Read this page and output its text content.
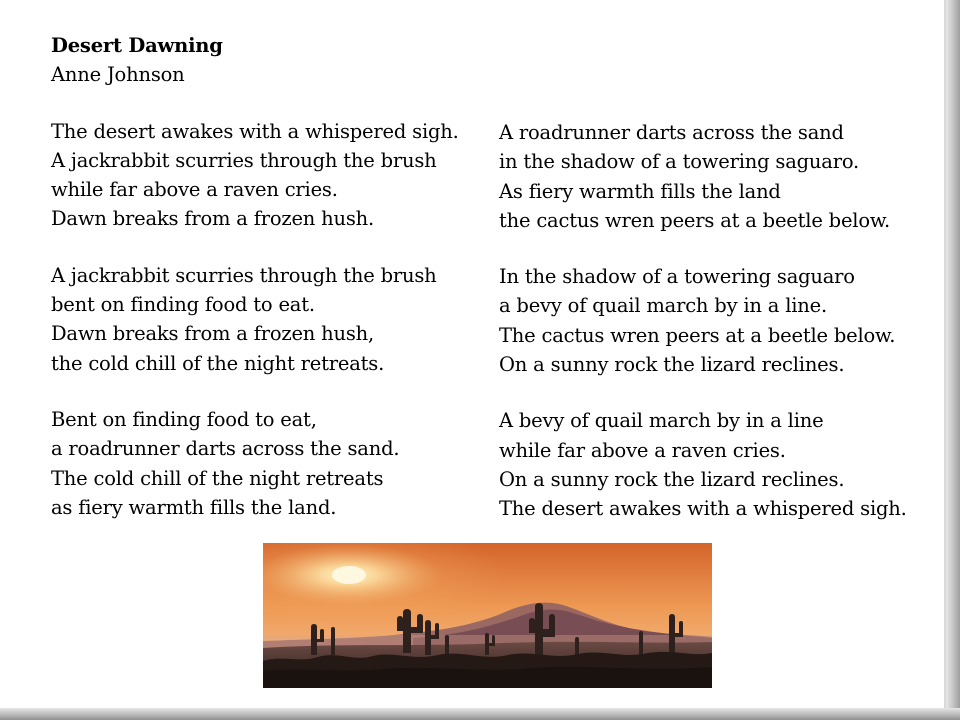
Desert Dawning
Anne Johnson
The desert awakes with a whispered sigh.
A jackrabbit scurries through the brush
while far above a raven cries.
Dawn breaks from a frozen hush.
A jackrabbit scurries through the brush
bent on finding food to eat.
Dawn breaks from a frozen hush,
the cold chill of the night retreats.
Bent on finding food to eat,
a roadrunner darts across the sand.
The cold chill of the night retreats
as fiery warmth fills the land.
A roadrunner darts across the sand
in the shadow of a towering saguaro.
As fiery warmth fills the land
the cactus wren peers at a beetle below.
In the shadow of a towering saguaro
a bevy of quail march by in a line.
The cactus wren peers at a beetle below.
On a sunny rock the lizard reclines.
A bevy of quail march by in a line
while far above a raven cries.
On a sunny rock the lizard reclines.
The desert awakes with a whispered sigh.
